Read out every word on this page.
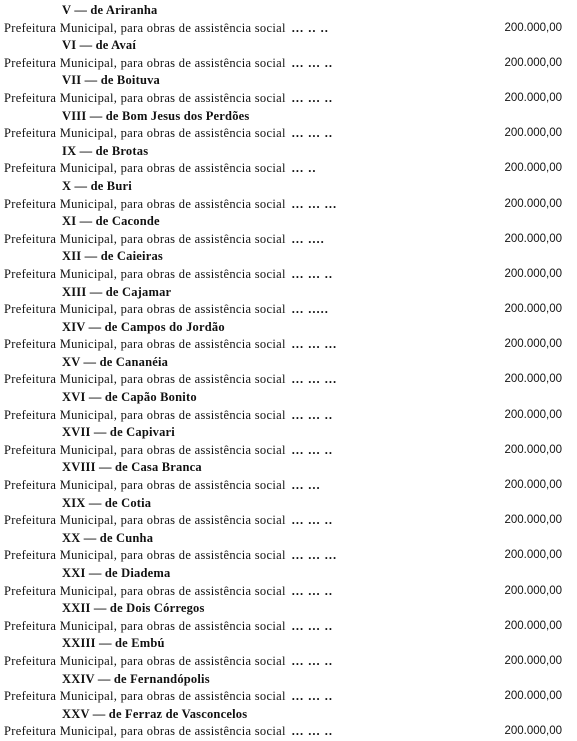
V — de Ariranha
Prefeitura Municipal, para obras de assistência social ... .. ..	200.000,00
VI — de Avaí
Prefeitura Municipal, para obras de assistência social ... ... ..	200.000,00
VII — de Boituva
Prefeitura Municipal, para obras de assistência social ... ... ..	200.000,00
VIII — de Bom Jesus dos Perdões
Prefeitura Municipal, para obras de assistência social ... ... ..	200.000,00
IX — de Brotas
Prefeitura Municipal, para obras de assistência social ... ..	200.000,00
X — de Buri
Prefeitura Municipal, para obras de assistência social ... ... ...	200.000,00
XI — de Caconde
Prefeitura Municipal, para obras de assistência social ... ....	200.000,00
XII — de Caieiras
Prefeitura Municipal, para obras de assistência social ... ... ..	200.000,00
XIII — de Cajamar
Prefeitura Municipal, para obras de assistência social ... .....	200.000,00
XIV — de Campos do Jordão
Prefeitura Municipal, para obras de assistência social ... ... ...	200.000,00
XV — de Cananéia
Prefeitura Municipal, para obras de assistência social ... ... ...	200.000,00
XVI — de Capão Bonito
Prefeitura Municipal, para obras de assistência social ... ... ..	200.000,00
XVII — de Capivari
Prefeitura Municipal, para obras de assistência social ... ... ..	200.000,00
XVIII — de Casa Branca
Prefeitura Municipal, para obras de assistência social ... ...	200.000,00
XIX — de Cotia
Prefeitura Municipal, para obras de assistência social ... ... ..	200.000,00
XX — de Cunha
Prefeitura Municipal, para obras de assistência social ... ... ...	200.000,00
XXI — de Diadema
Prefeitura Municipal, para obras de assistência social ... ... ..	200.000,00
XXII — de Dois Córregos
Prefeitura Municipal, para obras de assistência social ... ... ..	200.000,00
XXIII — de Embú
Prefeitura Municipal, para obras de assistência social ... ... ..	200.000,00
XXIV — de Fernandópolis
Prefeitura Municipal, para obras de assistência social ... ... ..	200.000,00
XXV — de Ferraz de Vasconcelos
Prefeitura Municipal, para obras de assistência social ... ... ..	200.000,00
